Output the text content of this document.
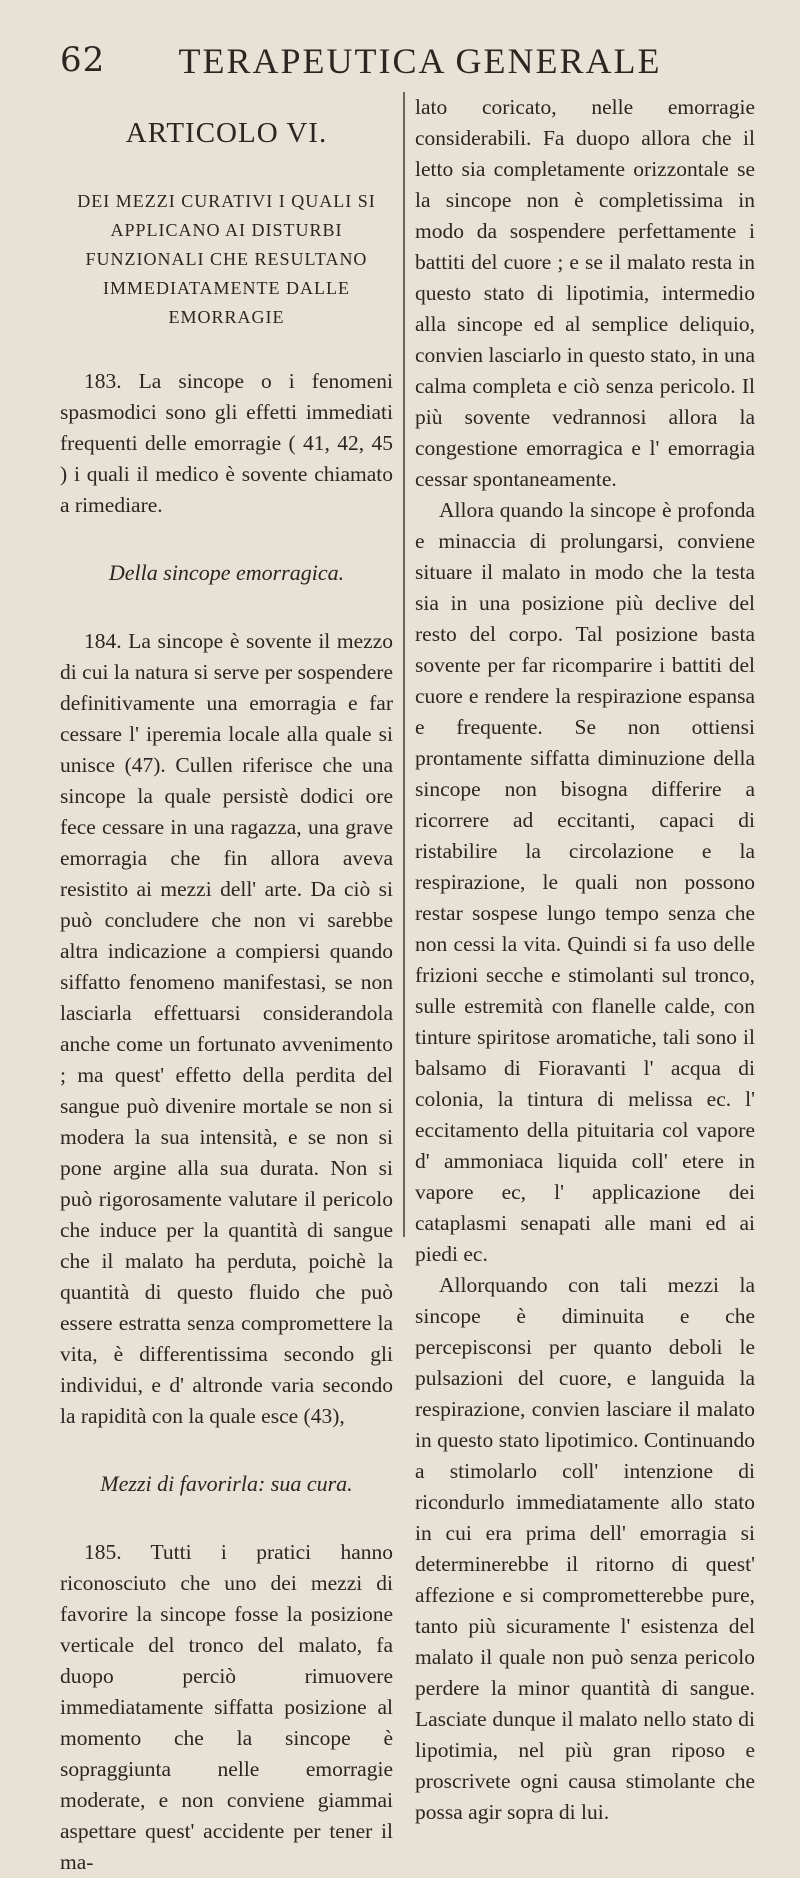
62	TERAPEUTICA GENERALE

ARTICOLO VI.

DEI MEZZI CURATIVI I QUALI SI APPLICANO AI DISTURBI FUNZIONALI CHE RESULTANO IMMEDIATAMENTE DALLE EMORRAGIE

183. La sincope o i fenomeni spasmodici sono gli effetti immediati frequenti delle emorragie ( 41, 42, 45 ) i quali il medico è sovente chiamato a rimediare.

Della sincope emorragica.

184. La sincope è sovente il mezzo di cui la natura si serve per sospendere definitivamente una emorragia e far cessare l' iperemia locale alla quale si unisce (47). Cullen riferisce che una sincope la quale persistè dodici ore fece cessare in una ragazza, una grave emorragia che fin allora aveva resistito ai mezzi dell' arte. Da ciò si può concludere che non vi sarebbe altra indicazione a compiersi quando siffatto fenomeno manifestasi, se non lasciarla effettuarsi considerandola anche come un fortunato avvenimento ; ma quest' effetto della perdita del sangue può divenire mortale se non si modera la sua intensità, e se non si pone argine alla sua durata. Non si può rigorosamente valutare il pericolo che induce per la quantità di sangue che il malato ha perduta, poichè la quantità di questo fluido che può essere estratta senza compromettere la vita, è differentissima secondo gli individui, e d' altronde varia secondo la rapidità con la quale esce (43),

Mezzi di favorirla: sua cura.

185. Tutti i pratici hanno riconosciuto che uno dei mezzi di favorire la sincope fosse la posizione verticale del tronco del malato, fa duopo perciò rimuovere immediatamente siffatta posizione al momento che la sincope è sopraggiunta nelle emorragie moderate, e non conviene giammai aspettare quest' accidente per tener il ma-

lato coricato, nelle emorragie considerabili. Fa duopo allora che il letto sia completamente orizzontale se la sincope non è completissima in modo da sospendere perfettamente i battiti del cuore ; e se il malato resta in questo stato di lipotimia, intermedio alla sincope ed al semplice deliquio, convien lasciarlo in questo stato, in una calma completa e ciò senza pericolo. Il più sovente vedrannosi allora la congestione emorragica e l' emorragia cessar spontaneamente.

Allora quando la sincope è profonda e minaccia di prolungarsi, conviene situare il malato in modo che la testa sia in una posizione più declive del resto del corpo. Tal posizione basta sovente per far ricomparire i battiti del cuore e rendere la respirazione espansa e frequente. Se non ottiensi prontamente siffatta diminuzione della sincope non bisogna differire a ricorrere ad eccitanti, capaci di ristabilire la circolazione e la respirazione, le quali non possono restar sospese lungo tempo senza che non cessi la vita. Quindi si fa uso delle frizioni secche e stimolanti sul tronco, sulle estremità con flanelle calde, con tinture spiritose aromatiche, tali sono il balsamo di Fioravanti l' acqua di colonia, la tintura di melissa ec. l' eccitamento della pituitaria col vapore d' ammoniaca liquida coll' etere in vapore ec, l' applicazione dei cataplasmi senapati alle mani ed ai piedi ec.

Allorquando con tali mezzi la sincope è diminuita e che percepisconsi per quanto deboli le pulsazioni del cuore, e languida la respirazione, convien lasciare il malato in questo stato lipotimico. Continuando a stimolarlo coll' intenzione di ricondurlo immediatamente allo stato in cui era prima dell' emorragia si determinerebbe il ritorno di quest' affezione e si comprometterebbe pure, tanto più sicuramente l' esistenza del malato il quale non può senza pericolo perdere la minor quantità di sangue. Lasciate dunque il malato nello stato di lipotimia, nel più gran riposo e proscrivete ogni causa stimolante che possa agir sopra di lui.
